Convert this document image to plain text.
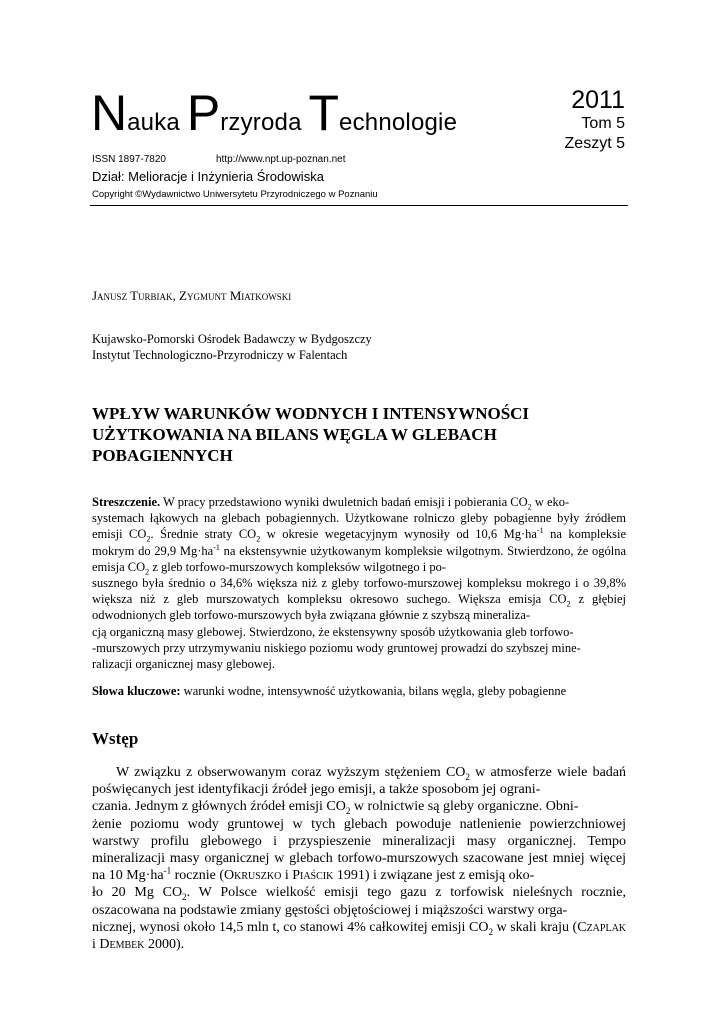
Nauka Przyroda Technologie
2011
Tom 5
Zeszyt 5
ISSN 1897-7820	http://www.npt.up-poznan.net
Dział: Melioracje i Inżynieria Środowiska
Copyright ©Wydawnictwo Uniwersytetu Przyrodniczego w Poznaniu
Janusz Turbiak, Zygmunt Miatkowski
Kujawsko-Pomorski Ośrodek Badawczy w Bydgoszczy
Instytut Technologiczno-Przyrodniczy w Falentach
WPŁYW WARUNKÓW WODNYCH I INTENSYWNOŚCI UŻYTKOWANIA NA BILANS WĘGLA W GLEBACH POBAGIENNYCH
Streszczenie. W pracy przedstawiono wyniki dwuletnich badań emisji i pobierania $CO_2$ w eko-
systemach łąkowych na glebach pobagiennych. Użytkowane rolniczo gleby pobagienne były źródłem emisji $CO_2$. Średnie straty $CO_2$ w okresie wegetacyjnym wynosiły od 10,6 $Mg\cdot ha^{-1}$ na kompleksie mokrym do 29,9 $Mg\cdot ha^{-1}$ na ekstensywnie użytkowanym kompleksie wilgotnym. Stwierdzono, że ogólna emisja $CO_2$ z gleb torfowo-murszowych kompleksów wilgotnego i po-
susznego była średnio o 34,6% większa niż z gleby torfowo-murszowej kompleksu mokrego i o 39,8% większa niż z gleb murszowatych kompleksu okresowo suchego. Większa emisja $CO_2$ z głębiej odwodnionych gleb torfowo-murszowych była związana głównie z szybszą mineraliza-
cją organiczną masy glebowej. Stwierdzono, że ekstensywny sposób użytkowania gleb torfowo-
-murszowych przy utrzymywaniu niskiego poziomu wody gruntowej prowadzi do szybszej mine-
ralizacji organicznej masy glebowej.
Słowa kluczowe: warunki wodne, intensywność użytkowania, bilans węgla, gleby pobagienne
Wstęp
W związku z obserwowanym coraz wyższym stężeniem $CO_2$ w atmosferze wiele badań poświęcanych jest identyfikacji źródeł jego emisji, a także sposobom jej ograni-
czania. Jednym z głównych źródeł emisji $CO_2$ w rolnictwie są gleby organiczne. Obni-
żenie poziomu wody gruntowej w tych glebach powoduje natlenienie powierzchniowej warstwy profilu glebowego i przyspieszenie mineralizacji masy organicznej. Tempo mineralizacji masy organicznej w glebach torfowo-murszowych szacowane jest mniej więcej na 10 $Mg\cdot ha^{-1}$ rocznie (Okruszko i Piaścik 1991) i związane jest z emisją oko-
ło 20 Mg $CO_2$. W Polsce wielkość emisji tego gazu z torfowisk nieleśnych rocznie, oszacowana na podstawie zmiany gęstości objętościowej i miąższości warstwy orga-
nicznej, wynosi około 14,5 mln t, co stanowi 4% całkowitej emisji $CO_2$ w skali kraju (Czaplak i Dembek 2000).
